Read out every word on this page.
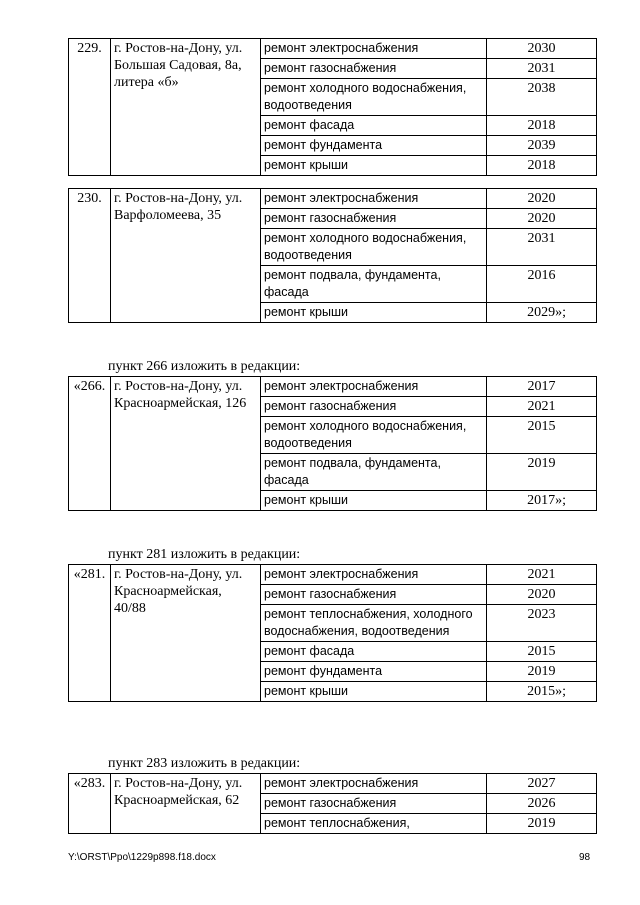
229.	г. Ростов-на-Дону, ул. Большая Садовая, 8а, литера «б»	ремонт электроснабжения	2030
		ремонт газоснабжения	2031
		ремонт холодного водоснабжения, водоотведения	2038
		ремонт фасада	2018
		ремонт фундамента	2039
		ремонт крыши	2018
230.	г. Ростов-на-Дону, ул. Варфоломеева, 35	ремонт электроснабжения	2020
		ремонт газоснабжения	2020
		ремонт холодного водоснабжения, водоотведения	2031
		ремонт подвала, фундамента, фасада	2016
		ремонт крыши	2029»;
пункт 266 изложить в редакции:
«266.	г. Ростов-на-Дону, ул. Красноармейская, 126	ремонт электроснабжения	2017
		ремонт газоснабжения	2021
		ремонт холодного водоснабжения, водоотведения	2015
		ремонт подвала, фундамента, фасада	2019
		ремонт крыши	2017»;
пункт 281 изложить в редакции:
«281.	г. Ростов-на-Дону, ул. Красноармейская, 40/88	ремонт электроснабжения	2021
		ремонт газоснабжения	2020
		ремонт теплоснабжения, холодного водоснабжения, водоотведения	2023
		ремонт фасада	2015
		ремонт фундамента	2019
		ремонт крыши	2015»;
пункт 283 изложить в редакции:
«283.	г. Ростов-на-Дону, ул. Красноармейская, 62	ремонт электроснабжения	2027
		ремонт газоснабжения	2026
		ремонт теплоснабжения,	2019
Y:\ORST\Ppo\1229p898.f18.docx	98
